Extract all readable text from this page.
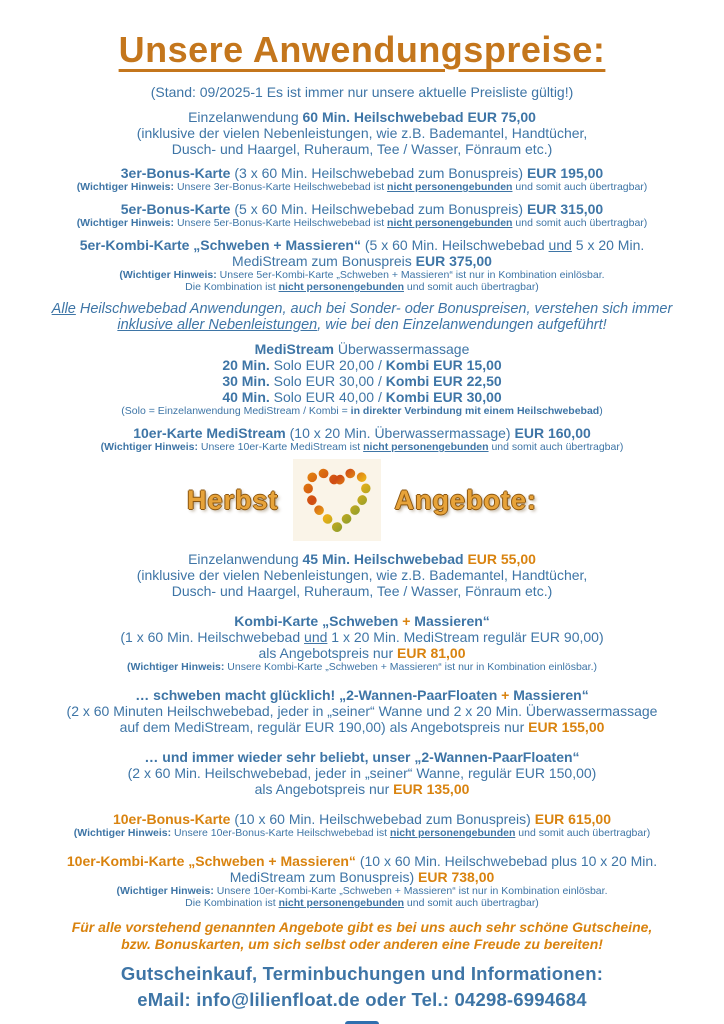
Unsere Anwendungspreise:
(Stand: 09/2025-1 Es ist immer nur unsere aktuelle Preisliste gültig!)
Einzelanwendung 60 Min. Heilschwebebad EUR 75,00
(inklusive der vielen Nebenleistungen, wie z.B. Bademantel, Handtücher,
Dusch- und Haargel, Ruheraum, Tee / Wasser, Fönraum etc.)
3er-Bonus-Karte (3 x 60 Min. Heilschwebebad zum Bonuspreis) EUR 195,00
(Wichtiger Hinweis: Unsere 3er-Bonus-Karte Heilschwebebad ist nicht personengebunden und somit auch übertragbar)
5er-Bonus-Karte (5 x 60 Min. Heilschwebebad zum Bonuspreis) EUR 315,00
(Wichtiger Hinweis: Unsere 5er-Bonus-Karte Heilschwebebad ist nicht personengebunden und somit auch übertragbar)
5er-Kombi-Karte „Schweben + Massieren“ (5 x 60 Min. Heilschwebebad und 5 x 20 Min.
MediStream zum Bonuspreis EUR 375,00
(Wichtiger Hinweis: Unsere 5er-Kombi-Karte „Schweben + Massieren“ ist nur in Kombination einlösbar.
Die Kombination ist nicht personengebunden und somit auch übertragbar)
Alle Heilschwebebad Anwendungen, auch bei Sonder- oder Bonuspreisen, verstehen sich immer
inklusive aller Nebenleistungen, wie bei den Einzelanwendungen aufgeführt!
MediStream Überwassermassage
20 Min. Solo EUR 20,00 / Kombi EUR 15,00
30 Min. Solo EUR 30,00 / Kombi EUR 22,50
40 Min. Solo EUR 40,00 / Kombi EUR 30,00
(Solo = Einzelanwendung MediStream / Kombi = in direkter Verbindung mit einem Heilschwebebad)
10er-Karte MediStream (10 x 20 Min. Überwassermassage) EUR 160,00
(Wichtiger Hinweis: Unsere 10er-Karte MediStream ist nicht personengebunden und somit auch übertragbar)
Herbst	Angebote:
Einzelanwendung 45 Min. Heilschwebebad EUR 55,00
(inklusive der vielen Nebenleistungen, wie z.B. Bademantel, Handtücher,
Dusch- und Haargel, Ruheraum, Tee / Wasser, Fönraum etc.)
Kombi-Karte „Schweben + Massieren“
(1 x 60 Min. Heilschwebebad und 1 x 20 Min. MediStream regulär EUR 90,00)
als Angebotspreis nur EUR 81,00
(Wichtiger Hinweis: Unsere Kombi-Karte „Schweben + Massieren“ ist nur in Kombination einlösbar.)
… schweben macht glücklich! „2-Wannen-PaarFloaten + Massieren“
(2 x 60 Minuten Heilschwebebad, jeder in „seiner“ Wanne und 2 x 20 Min. Überwassermassage
auf dem MediStream, regulär EUR 190,00) als Angebotspreis nur EUR 155,00
… und immer wieder sehr beliebt, unser „2-Wannen-PaarFloaten“
(2 x 60 Min. Heilschwebebad, jeder in „seiner“ Wanne, regulär EUR 150,00)
als Angebotspreis nur EUR 135,00
10er-Bonus-Karte (10 x 60 Min. Heilschwebebad zum Bonuspreis) EUR 615,00
(Wichtiger Hinweis: Unsere 10er-Bonus-Karte Heilschwebebad ist nicht personengebunden und somit auch übertragbar)
10er-Kombi-Karte „Schweben + Massieren“ (10 x 60 Min. Heilschwebebad plus 10 x 20 Min.
MediStream zum Bonuspreis) EUR 738,00
(Wichtiger Hinweis: Unsere 10er-Kombi-Karte „Schweben + Massieren“ ist nur in Kombination einlösbar.
Die Kombination ist nicht personengebunden und somit auch übertragbar)
Für alle vorstehend genannten Angebote gibt es bei uns auch sehr schöne Gutscheine,
bzw. Bonuskarten, um sich selbst oder anderen eine Freude zu bereiten!
Gutscheinkauf, Terminbuchungen und Informationen:
eMail: info@lilienfloat.de oder Tel.: 04298-6994684
